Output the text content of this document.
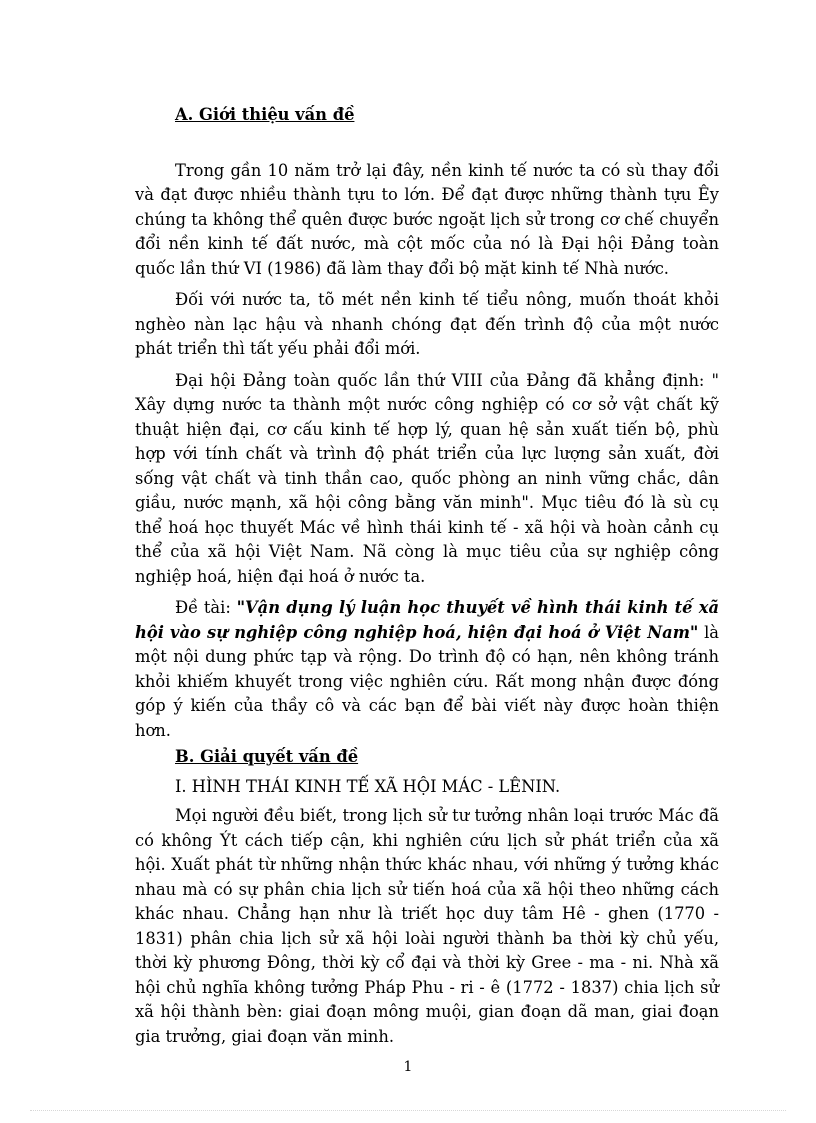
A. Giới thiệu vấn đề

Trong gần 10 năm trở lại đây, nền kinh tế nước ta có sù thay đổi và đạt được nhiều thành tựu to lớn. Để đạt được những thành tựu Êy chúng ta không thể quên được bước ngoặt lịch sử trong cơ chế chuyển đổi nền kinh tế đất nước, mà cột mốc của nó là Đại hội Đảng toàn quốc lần thứ VI (1986) đã làm thay đổi bộ mặt kinh tế Nhà nước.

Đối với nước ta, tõ mét nền kinh tế tiểu nông, muốn thoát khỏi nghèo nàn lạc hậu và nhanh chóng đạt đến trình độ của một nước phát triển thì tất yếu phải đổi mới.

Đại hội Đảng toàn quốc lần thứ VIII của Đảng đã khẳng định: " Xây dựng nước ta thành một nước công nghiệp có cơ sở vật chất kỹ thuật hiện đại, cơ cấu kinh tế hợp lý, quan hệ sản xuất tiến bộ, phù hợp với tính chất và trình độ phát triển của lực lượng sản xuất, đời sống vật chất và tinh thần cao, quốc phòng an ninh vững chắc, dân giầu, nước mạnh, xã hội công bằng văn minh". Mục tiêu đó là sù cụ thể hoá học thuyết Mác về hình thái kinh tế - xã hội và hoàn cảnh cụ thể của xã hội Việt Nam. Nã còng là mục tiêu của sự nghiệp công nghiệp hoá, hiện đại hoá ở nước ta.

Đề tài: "Vận dụng lý luận học thuyết về hình thái kinh tế xã hội vào sự nghiệp công nghiệp hoá, hiện đại hoá ở Việt Nam" là một nội dung phức tạp và rộng. Do trình độ có hạn, nên không tránh khỏi khiếm khuyết trong việc nghiên cứu. Rất mong nhận được đóng góp ý kiến của thầy cô và các bạn để bài viết này được hoàn thiện hơn.

B. Giải quyết vấn đề

I. HÌNH THÁI KINH TẾ XÃ HỘI MÁC - LÊNIN.

Mọi người đều biết, trong lịch sử tư tưởng nhân loại trước Mác đã có không Ýt cách tiếp cận, khi nghiên cứu lịch sử phát triển của xã hội. Xuất phát từ những nhận thức khác nhau, với những ý tưởng khác nhau mà có sự phân chia lịch sử tiến hoá của xã hội theo những cách khác nhau. Chẳng hạn như là triết học duy tâm Hê - ghen (1770 - 1831) phân chia lịch sử xã hội loài người thành ba thời kỳ chủ yếu, thời kỳ phương Đông, thời kỳ cổ đại và thời kỳ Gree - ma - ni. Nhà xã hội chủ nghĩa không tưởng Pháp Phu - ri - ê (1772 - 1837) chia lịch sử xã hội thành bèn: giai đoạn mông muội, gian đoạn dã man, giai đoạn gia trưởng, giai đoạn văn minh.

1
